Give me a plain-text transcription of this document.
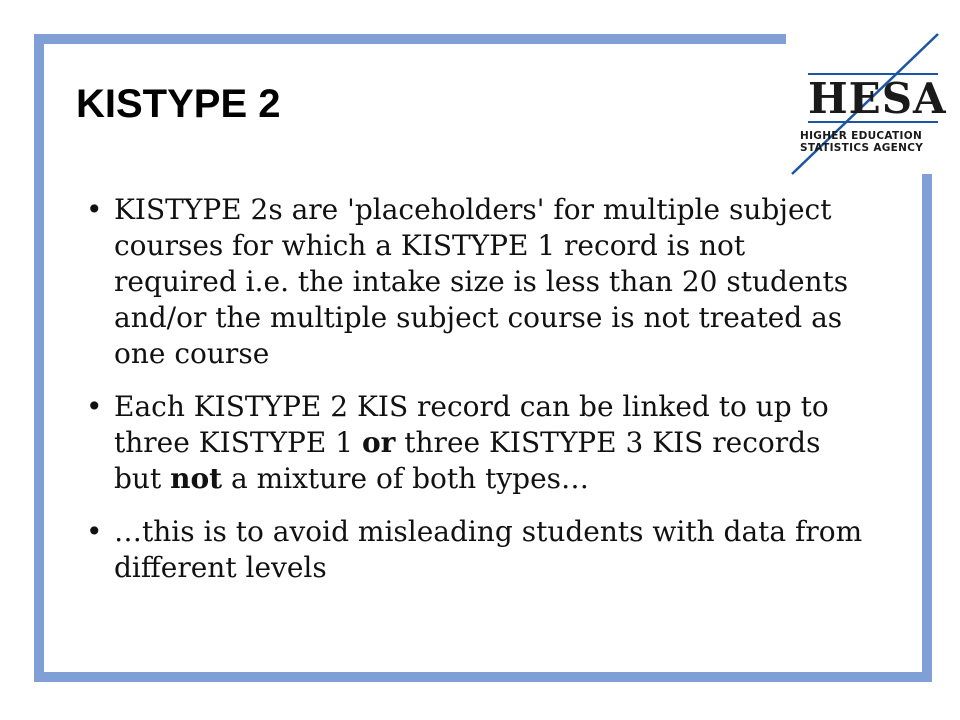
HESA
HIGHER EDUCATION
STATISTICS AGENCY
KISTYPE 2
• KISTYPE 2s are 'placeholders' for multiple subject courses for which a KISTYPE 1 record is not required i.e. the intake size is less than 20 students and/or the multiple subject course is not treated as one course
• Each KISTYPE 2 KIS record can be linked to up to three KISTYPE 1 or three KISTYPE 3 KIS records but not a mixture of both types…
• …this is to avoid misleading students with data from different levels
